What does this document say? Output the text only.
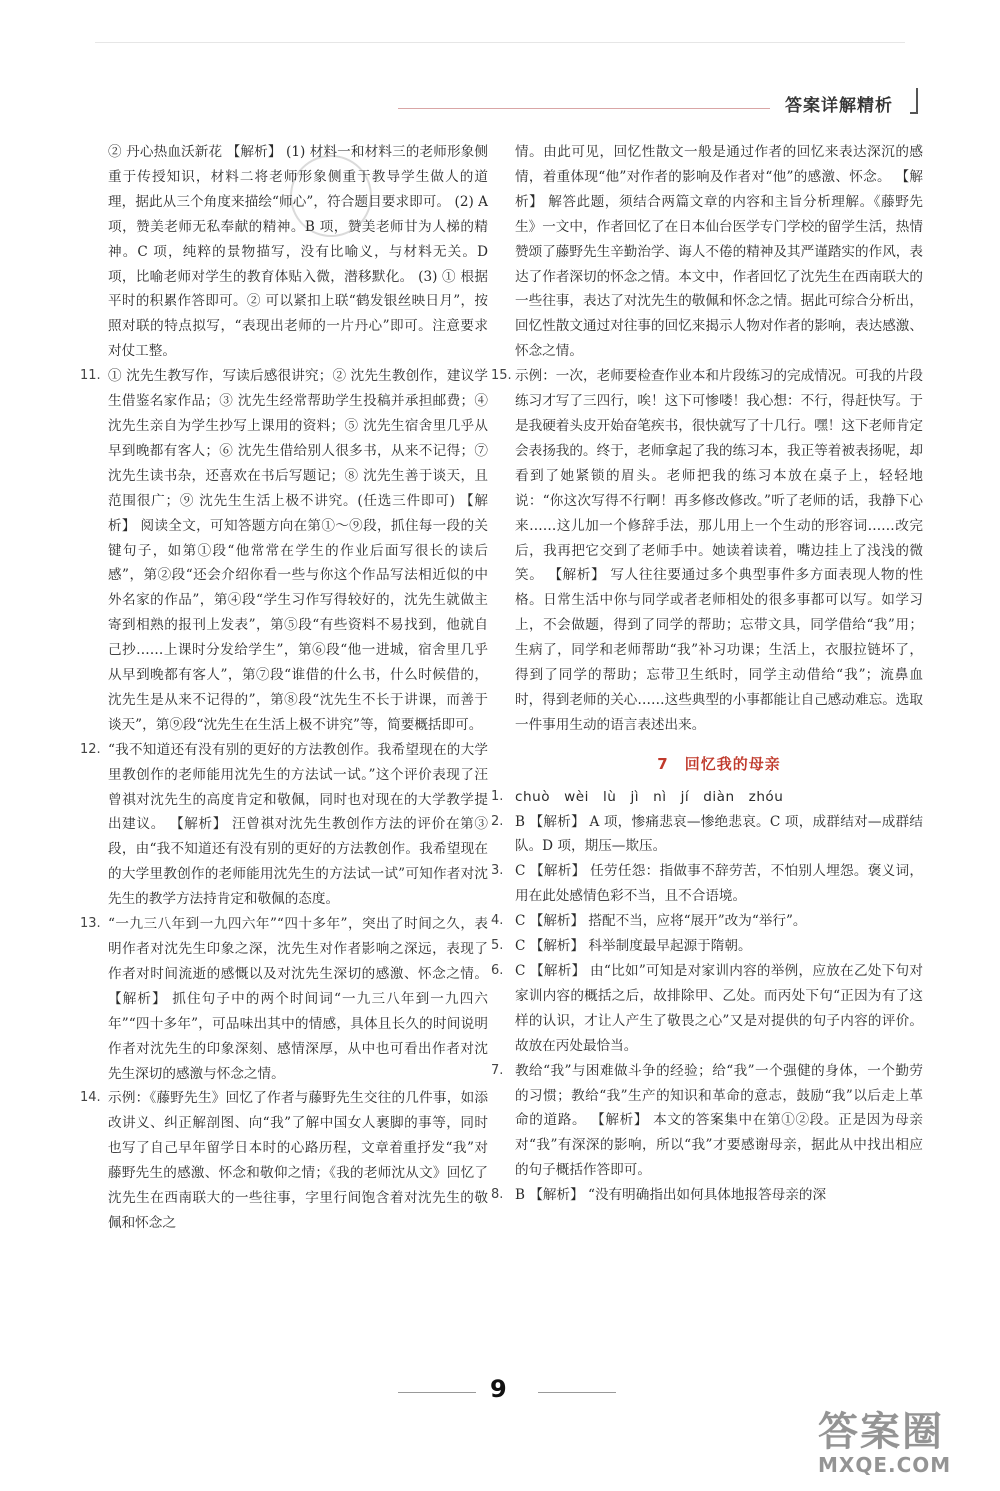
答案详解精析

② 丹心热血沃新花 【解析】 (1) 材料一和材料三的老师形象侧重于传授知识，材料二将老师形象侧重于教导学生做人的道理，据此从三个角度来描绘“师心”，符合题目要求即可。 (2) A 项，赞美老师无私奉献的精神。B 项，赞美老师甘为人梯的精神。C 项，纯粹的景物描写，没有比喻义，与材料无关。D 项，比喻老师对学生的教育体贴入微，潜移默化。 (3) ① 根据平时的积累作答即可。② 可以紧扣上联“鹤发银丝映日月”，按照对联的特点拟写，“表现出老师的一片丹心”即可。注意要求对仗工整。

11. ① 沈先生教写作，写读后感很讲究；② 沈先生教创作，建议学生借鉴名家作品；③ 沈先生经常帮助学生投稿并承担邮费；④ 沈先生亲自为学生抄写上课用的资料；⑤ 沈先生宿舍里几乎从早到晚都有客人；⑥ 沈先生借给别人很多书，从来不记得；⑦ 沈先生读书杂，还喜欢在书后写题记；⑧ 沈先生善于谈天，且范围很广；⑨ 沈先生生活上极不讲究。(任选三件即可) 【解析】 阅读全文，可知答题方向在第①～⑨段，抓住每一段的关键句子，如第①段“他常常在学生的作业后面写很长的读后感”，第②段“还会介绍你看一些与你这个作品写法相近似的中外名家的作品”，第④段“学生习作写得较好的，沈先生就做主寄到相熟的报刊上发表”，第⑤段“有些资料不易找到，他就自己抄……上课时分发给学生”，第⑥段“他一进城，宿舍里几乎从早到晚都有客人”，第⑦段“谁借的什么书，什么时候借的，沈先生是从来不记得的”，第⑧段“沈先生不长于讲课，而善于谈天”，第⑨段“沈先生在生活上极不讲究”等，简要概括即可。
12. “我不知道还有没有别的更好的方法教创作。我希望现在的大学里教创作的老师能用沈先生的方法试一试。”这个评价表现了汪曾祺对沈先生的高度肯定和敬佩，同时也对现在的大学教学提出建议。 【解析】 汪曾祺对沈先生教创作方法的评价在第③段，由“我不知道还有没有别的更好的方法教创作。我希望现在的大学里教创作的老师能用沈先生的方法试一试”可知作者对沈先生的教学方法持肯定和敬佩的态度。
13. “一九三八年到一九四六年”“四十多年”，突出了时间之久，表明作者对沈先生印象之深，沈先生对作者影响之深远，表现了作者对时间流逝的感慨以及对沈先生深切的感激、怀念之情。 【解析】 抓住句子中的两个时间词“一九三八年到一九四六年”“四十多年”，可品味出其中的情感，具体且长久的时间说明作者对沈先生的印象深刻、感情深厚，从中也可看出作者对沈先生深切的感激与怀念之情。
14. 示例：《藤野先生》回忆了作者与藤野先生交往的几件事，如添改讲义、纠正解剖图、向“我”了解中国女人裹脚的事等，同时也写了自己早年留学日本时的心路历程，文章着重抒发“我”对藤野先生的感激、怀念和敬仰之情；《我的老师沈从文》回忆了沈先生在西南联大的一些往事，字里行间饱含着对沈先生的敬佩和怀念之

情。由此可见，回忆性散文一般是通过作者的回忆来表达深沉的感情，着重体现“他”对作者的影响及作者对“他”的感激、怀念。 【解析】 解答此题，须结合两篇文章的内容和主旨分析理解。《藤野先生》一文中，作者回忆了在日本仙台医学专门学校的留学生活，热情赞颂了藤野先生辛勤治学、诲人不倦的精神及其严谨踏实的作风，表达了作者深切的怀念之情。本文中，作者回忆了沈先生在西南联大的一些往事，表达了对沈先生的敬佩和怀念之情。据此可综合分析出，回忆性散文通过对往事的回忆来揭示人物对作者的影响，表达感激、怀念之情。

15. 示例：一次，老师要检查作业本和片段练习的完成情况。可我的片段练习才写了三四行，唉！这下可惨喽！我心想：不行，得赶快写。于是我硬着头皮开始奋笔疾书，很快就写了十几行。嘿！这下老师肯定会表扬我的。终于，老师拿起了我的练习本，我正等着被表扬呢，却看到了她紧锁的眉头。老师把我的练习本放在桌子上，轻轻地说：“你这次写得不行啊！再多修改修改。”听了老师的话，我静下心来……这儿加一个修辞手法，那儿用上一个生动的形容词……改完后，我再把它交到了老师手中。她读着读着，嘴边挂上了浅浅的微笑。 【解析】 写人往往要通过多个典型事件多方面表现人物的性格。日常生活中你与同学或者老师相处的很多事都可以写。如学习上，不会做题，得到了同学的帮助；忘带文具，同学借给“我”用；生病了，同学和老师帮助“我”补习功课；生活上，衣服拉链坏了，得到了同学的帮助；忘带卫生纸时，同学主动借给“我”；流鼻血时，得到老师的关心……这些典型的小事都能让自己感动难忘。选取一件事用生动的语言表述出来。
7　回忆我的母亲
1. chuò　wèi　lù　jì　nì　jí　diàn　zhóu
2. B 【解析】 A 项，惨痛悲哀—惨绝悲哀。C 项，成群结对—成群结队。D 项，期压—欺压。
3. C 【解析】 任劳任怨：指做事不辞劳苦，不怕别人埋怨。褒义词，用在此处感情色彩不当，且不合语境。
4. C 【解析】 搭配不当，应将“展开”改为“举行”。
5. C 【解析】 科举制度最早起源于隋朝。
6. C 【解析】 由“比如”可知是对家训内容的举例，应放在乙处下句对家训内容的概括之后，故排除甲、乙处。而丙处下句“正因为有了这样的认识，才让人产生了敬畏之心”又是对提供的句子内容的评价。故放在丙处最恰当。
7. 教给“我”与困难做斗争的经验；给“我”一个强健的身体，一个勤劳的习惯；教给“我”生产的知识和革命的意志，鼓励“我”以后走上革命的道路。 【解析】 本文的答案集中在第①②段。正是因为母亲对“我”有深深的影响，所以“我”才要感谢母亲，据此从中找出相应的句子概括作答即可。
8. B 【解析】 “没有明确指出如何具体地报答母亲的深
9
答案圈
MXQE.COM
